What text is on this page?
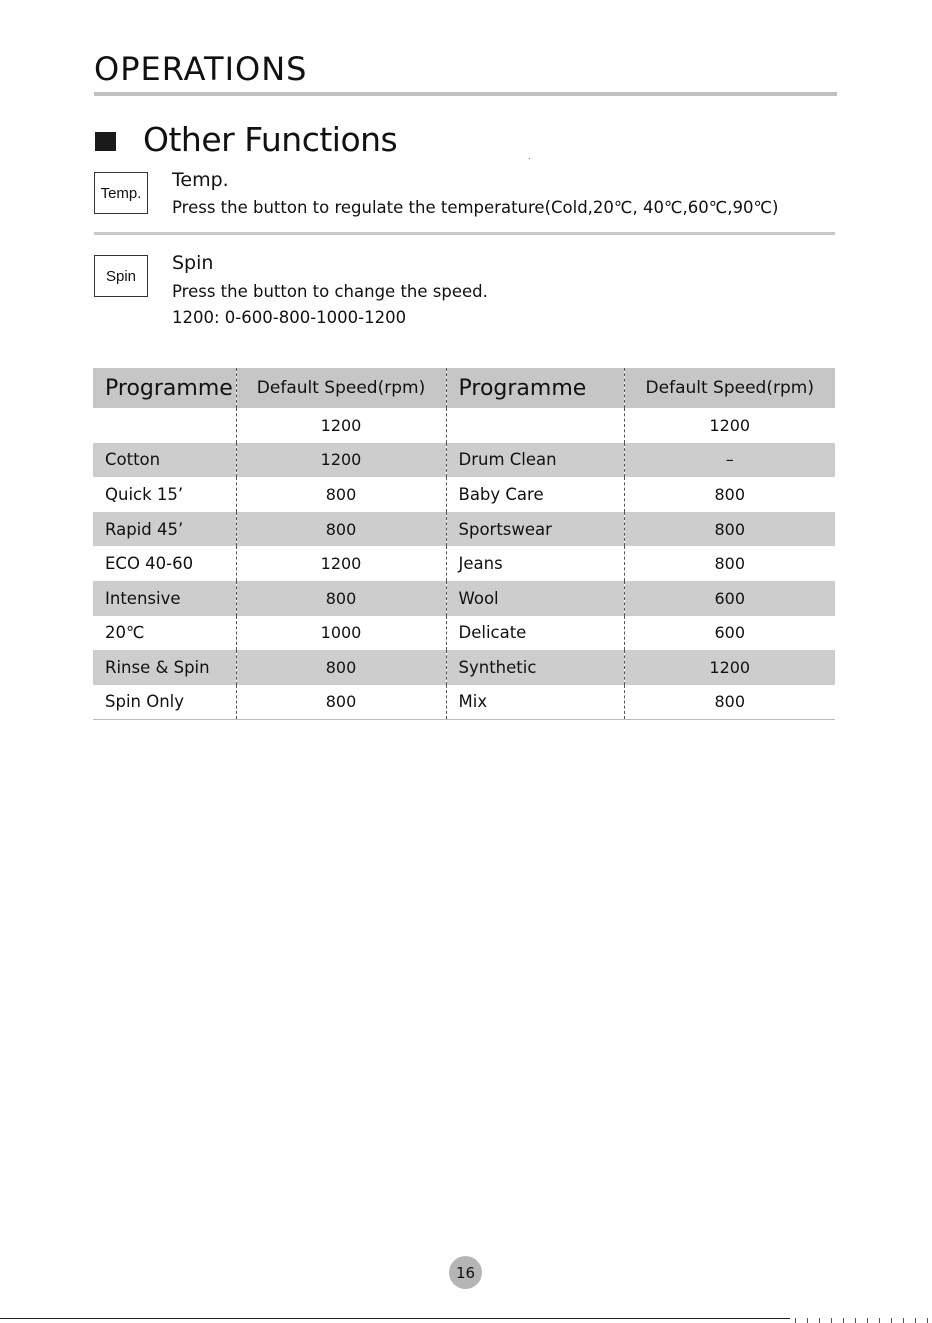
OPERATIONS
Other Functions
Temp.
Temp.
Press the button to regulate the temperature(Cold,20℃, 40℃,60℃,90℃)
Spin
Spin
Press the button to change the speed.
1200: 0-600-800-1000-1200
Programme	Default Speed(rpm)	Programme	Default Speed(rpm)
	1200		1200
Cotton	1200	Drum Clean	–
Quick 15’	800	Baby Care	800
Rapid 45’	800	Sportswear	800
ECO 40-60	1200	Jeans	800
Intensive	800	Wool	600
20℃	1000	Delicate	600
Rinse & Spin	800	Synthetic	1200
Spin Only	800	Mix	800
16
